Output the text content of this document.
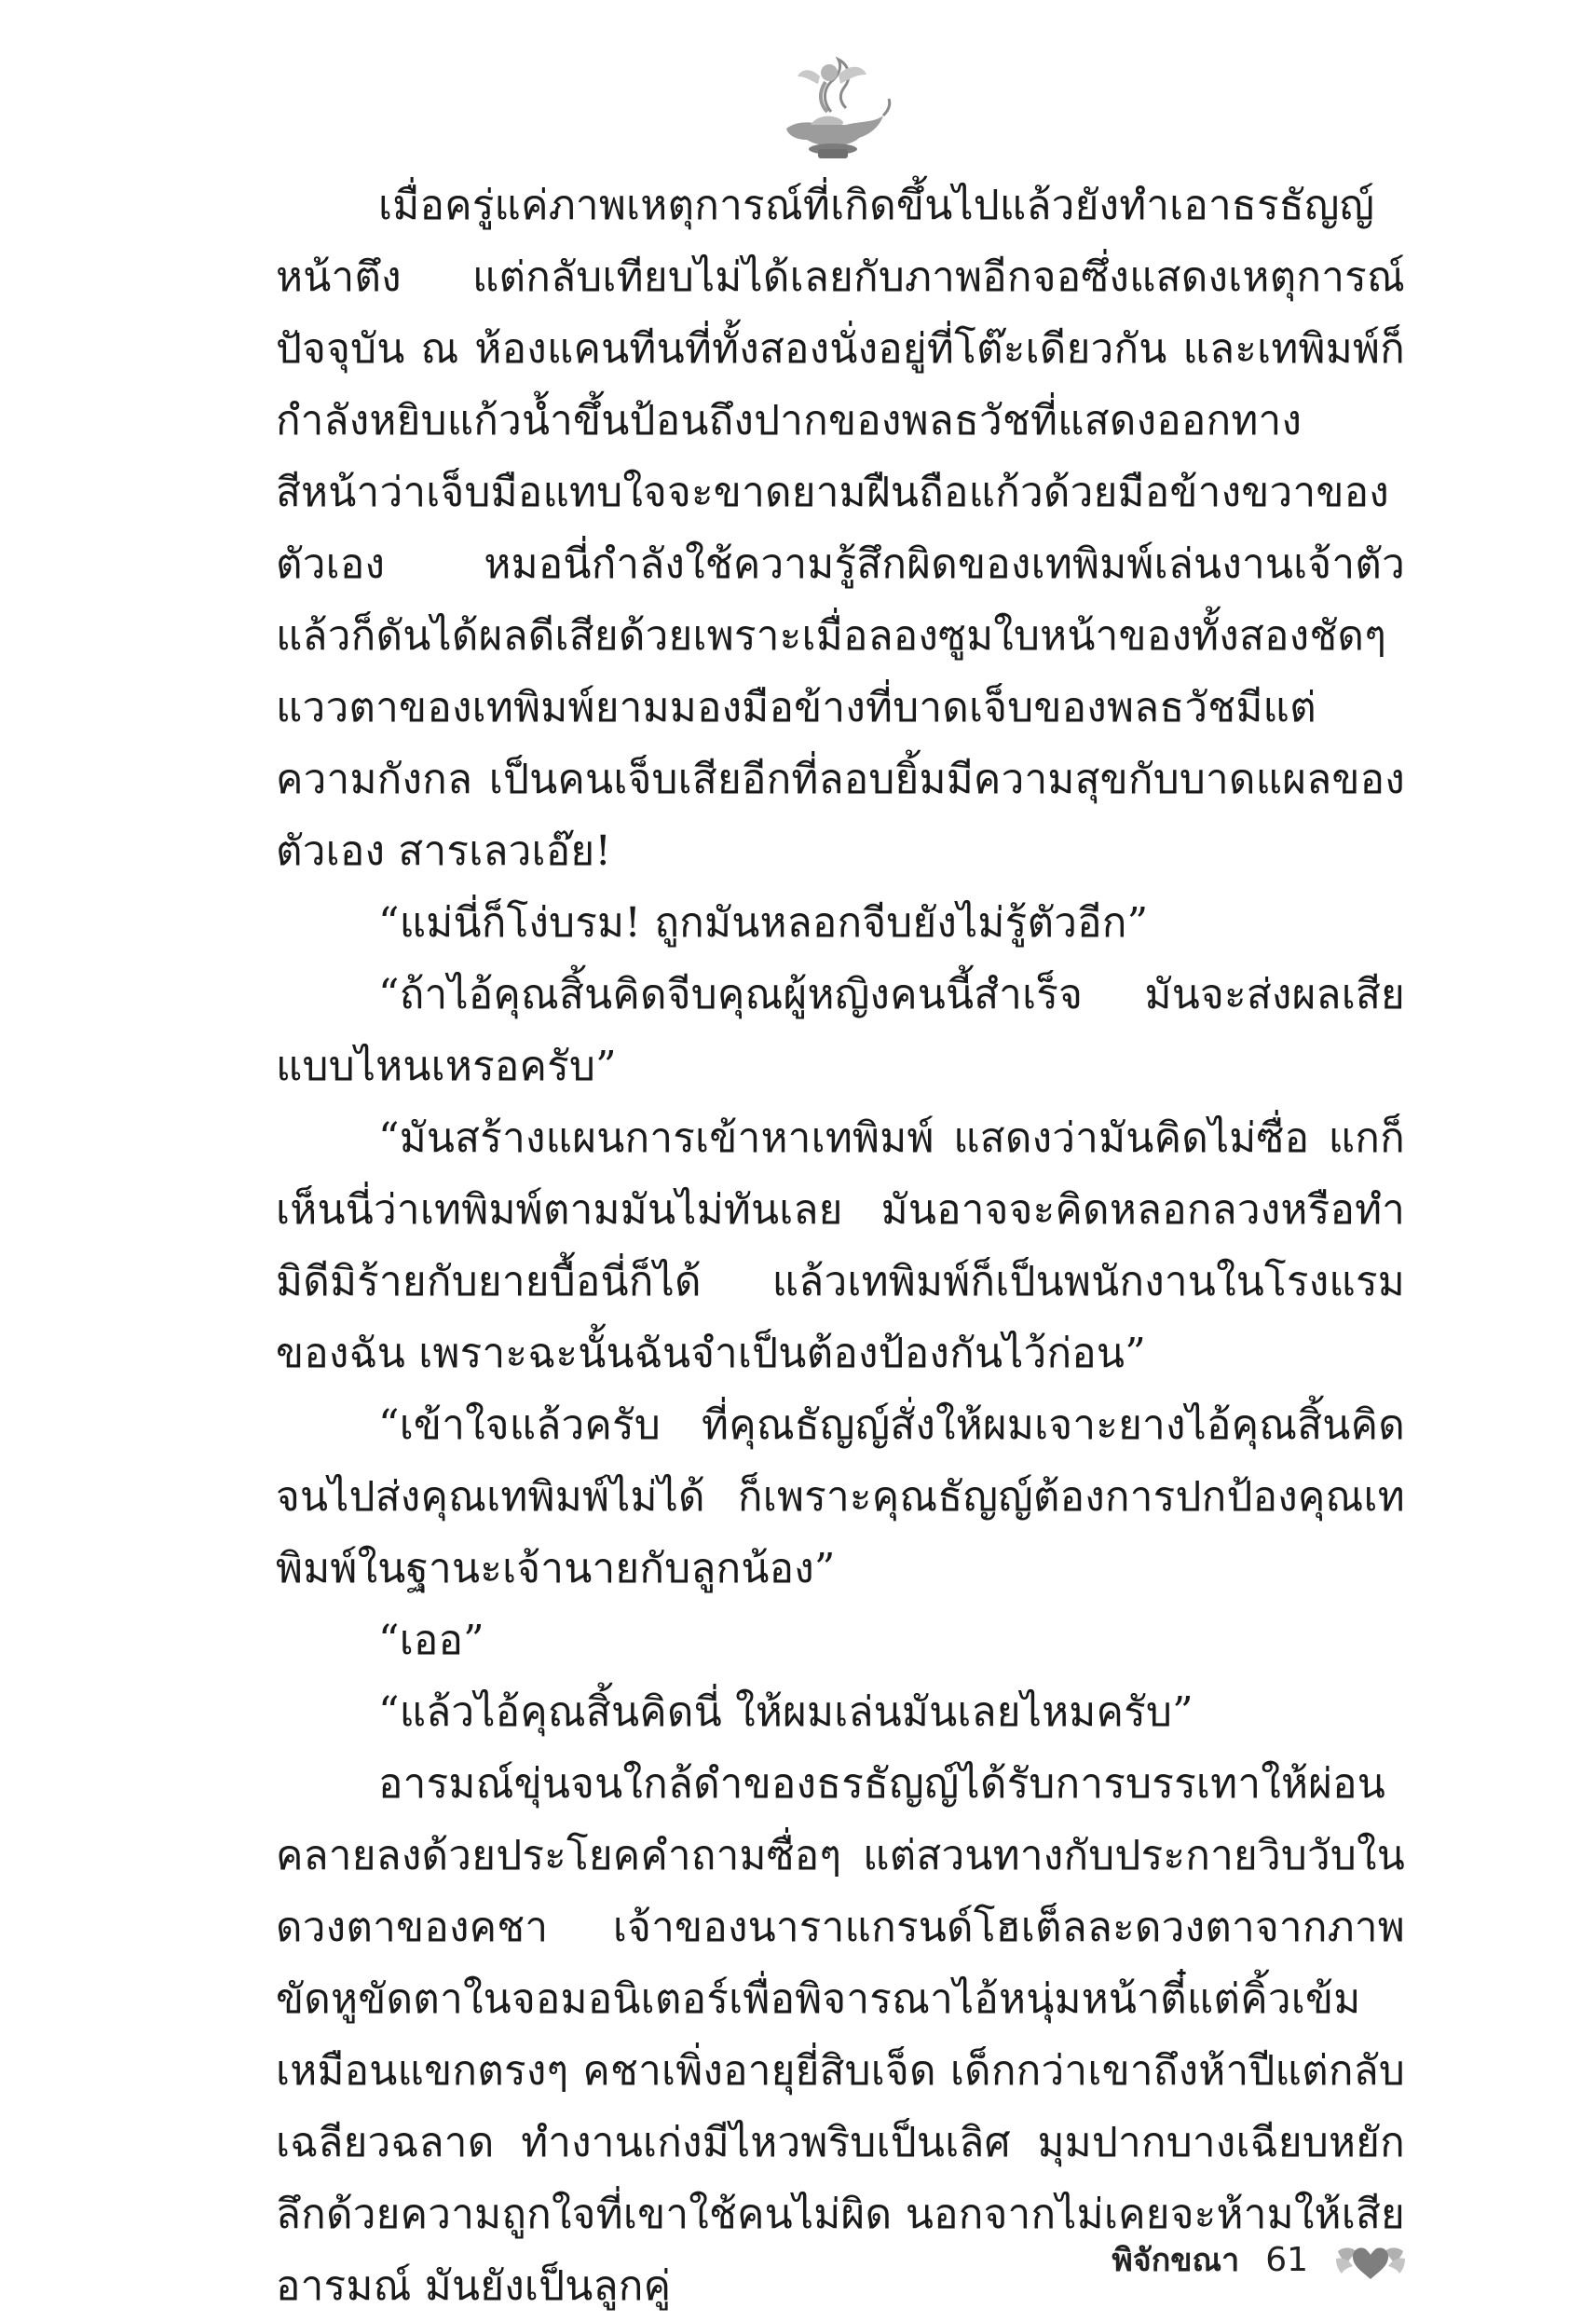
เมื่อครู่แค่ภาพเหตุการณ์ที่เกิดขึ้นไปแล้วยังทำเอาธรธัญญ์หน้าตึง แต่กลับเทียบไม่ได้เลยกับภาพอีกจอซึ่งแสดงเหตุการณ์ปัจจุบัน ณ ห้องแคนทีนที่ทั้งสองนั่งอยู่ที่โต๊ะเดียวกัน และเทพิมพ์ก็กำลังหยิบแก้วน้ำขึ้นป้อนถึงปากของพลธวัชที่แสดงออกทางสีหน้าว่าเจ็บมือแทบใจจะขาดยามฝืนถือแก้วด้วยมือข้างขวาของตัวเอง หมอนี่กำลังใช้ความรู้สึกผิดของเทพิมพ์เล่นงานเจ้าตัว แล้วก็ดันได้ผลดีเสียด้วยเพราะเมื่อลองซูมใบหน้าของทั้งสองชัดๆ แววตาของเทพิมพ์ยามมองมือข้างที่บาดเจ็บของพลธวัชมีแต่ความกังกล เป็นคนเจ็บเสียอีกที่ลอบยิ้มมีความสุขกับบาดแผลของตัวเอง สารเลวเอ๊ย!

“แม่นี่ก็โง่บรม! ถูกมันหลอกจีบยังไม่รู้ตัวอีก”

“ถ้าไอ้คุณสิ้นคิดจีบคุณผู้หญิงคนนี้สำเร็จ มันจะส่งผลเสียแบบไหนเหรอครับ”

“มันสร้างแผนการเข้าหาเทพิมพ์ แสดงว่ามันคิดไม่ซื่อ แกก็เห็นนี่ว่าเทพิมพ์ตามมันไม่ทันเลย มันอาจจะคิดหลอกลวงหรือทำมิดีมิร้ายกับยายบื้อนี่ก็ได้ แล้วเทพิมพ์ก็เป็นพนักงานในโรงแรมของฉัน เพราะฉะนั้นฉันจำเป็นต้องป้องกันไว้ก่อน”

“เข้าใจแล้วครับ ที่คุณธัญญ์สั่งให้ผมเจาะยางไอ้คุณสิ้นคิดจนไปส่งคุณเทพิมพ์ไม่ได้ ก็เพราะคุณธัญญ์ต้องการปกป้องคุณเทพิมพ์ในฐานะเจ้านายกับลูกน้อง”

“เออ”

“แล้วไอ้คุณสิ้นคิดนี่ ให้ผมเล่นมันเลยไหมครับ”

อารมณ์ขุ่นจนใกล้ดำของธรธัญญ์ได้รับการบรรเทาให้ผ่อนคลายลงด้วยประโยคคำถามซื่อๆ แต่สวนทางกับประกายวิบวับในดวงตาของคชา เจ้าของนาราแกรนด์โฮเต็ลละดวงตาจากภาพขัดหูขัดตาในจอมอนิเตอร์เพื่อพิจารณาไอ้หนุ่มหน้าตี๋แต่คิ้วเข้มเหมือนแขกตรงๆ คชาเพิ่งอายุยี่สิบเจ็ด เด็กกว่าเขาถึงห้าปีแต่กลับเฉลียวฉลาด ทำงานเก่งมีไหวพริบเป็นเลิศ มุมปากบางเฉียบหยักลึกด้วยความถูกใจที่เขาใช้คนไม่ผิด นอกจากไม่เคยจะห้ามให้เสียอารมณ์ มันยังเป็นลูกคู่

พิจักขณา 61
